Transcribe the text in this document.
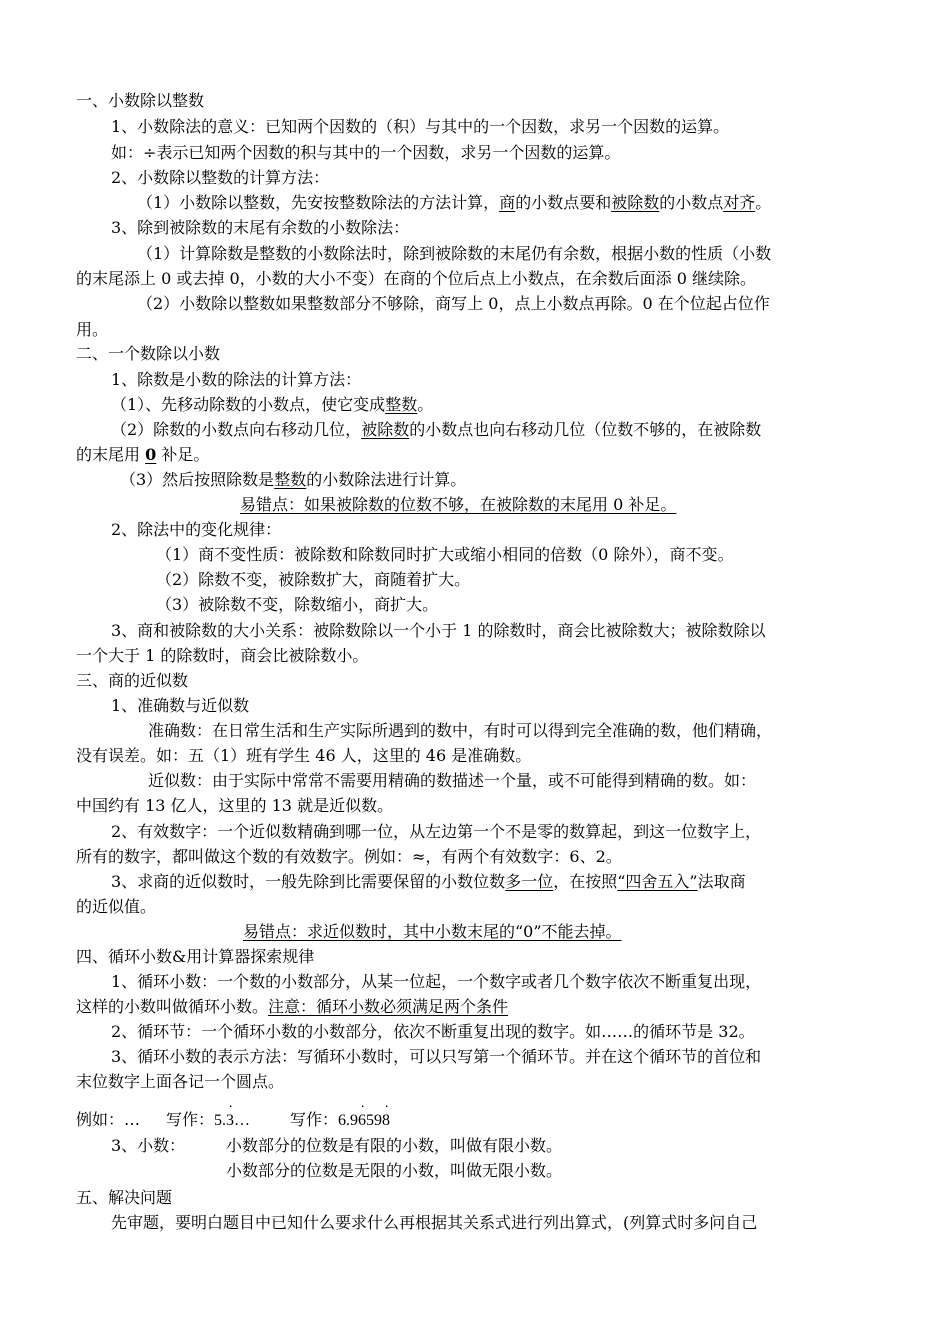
一、小数除以整数
1、小数除法的意义：已知两个因数的（积）与其中的一个因数，求另一个因数的运算。
如：÷表示已知两个因数的积与其中的一个因数，求另一个因数的运算。
2、小数除以整数的计算方法：
（1）小数除以整数，先安按整数除法的方法计算，商的小数点要和被除数的小数点对齐。
3、除到被除数的末尾有余数的小数除法：
（1）计算除数是整数的小数除法时，除到被除数的末尾仍有余数，根据小数的性质（小数
的末尾添上 0 或去掉 0，小数的大小不变）在商的个位后点上小数点，在余数后面添 0 继续除。
（2）小数除以整数如果整数部分不够除，商写上 0，点上小数点再除。0 在个位起占位作
用。
二、一个数除以小数
1、除数是小数的除法的计算方法：
（1）、先移动除数的小数点，使它变成整数。
（2）除数的小数点向右移动几位，被除数的小数点也向右移动几位（位数不够的，在被除数
的末尾用 0 补足。
（3）然后按照除数是整数的小数除法进行计算。
易错点：如果被除数的位数不够，在被除数的末尾用 0 补足。
2、除法中的变化规律：
（1）商不变性质：被除数和除数同时扩大或缩小相同的倍数（0 除外），商不变。
（2）除数不变，被除数扩大，商随着扩大。
（3）被除数不变，除数缩小，商扩大。
3、商和被除数的大小关系：被除数除以一个小于 1 的除数时，商会比被除数大；被除数除以
一个大于 1 的除数时，商会比被除数小。
三、商的近似数
1、准确数与近似数
准确数：在日常生活和生产实际所遇到的数中，有时可以得到完全准确的数，他们精确，
没有误差。如：五（1）班有学生 46 人，这里的 46 是准确数。
近似数：由于实际中常常不需要用精确的数描述一个量，或不可能得到精确的数。如：
中国约有 13 亿人，这里的 13 就是近似数。
2、有效数字：一个近似数精确到哪一位，从左边第一个不是零的数算起，到这一位数字上，
所有的数字，都叫做这个数的有效数字。例如：≈，有两个有效数字：6、2。
3、求商的近似数时，一般先除到比需要保留的小数位数多一位，在按照“四舍五入”法取商
的近似值。
易错点：求近似数时，其中小数末尾的“0”不能去掉。
四、循环小数&用计算器探索规律
1、循环小数：一个数的小数部分，从某一位起，一个数字或者几个数字依次不断重复出现，
这样的小数叫做循环小数。注意：循环小数必须满足两个条件
2、循环节：一个循环小数的小数部分，依次不断重复出现的数字。如……的循环节是 32。
3、循环小数的表示方法：写循环小数时，可以只写第一个循环节。并在这个循环节的首位和
末位数字上面各记一个圆点。
例如：… 写作：5.˙ 3…	写作：6.9˙ 659˙ 8
3、小数：	小数部分的位数是有限的小数，叫做有限小数。
小数部分的位数是无限的小数，叫做无限小数。
五、解决问题
先审题，要明白题目中已知什么要求什么再根据其关系式进行列出算式，(列算式时多问自己
